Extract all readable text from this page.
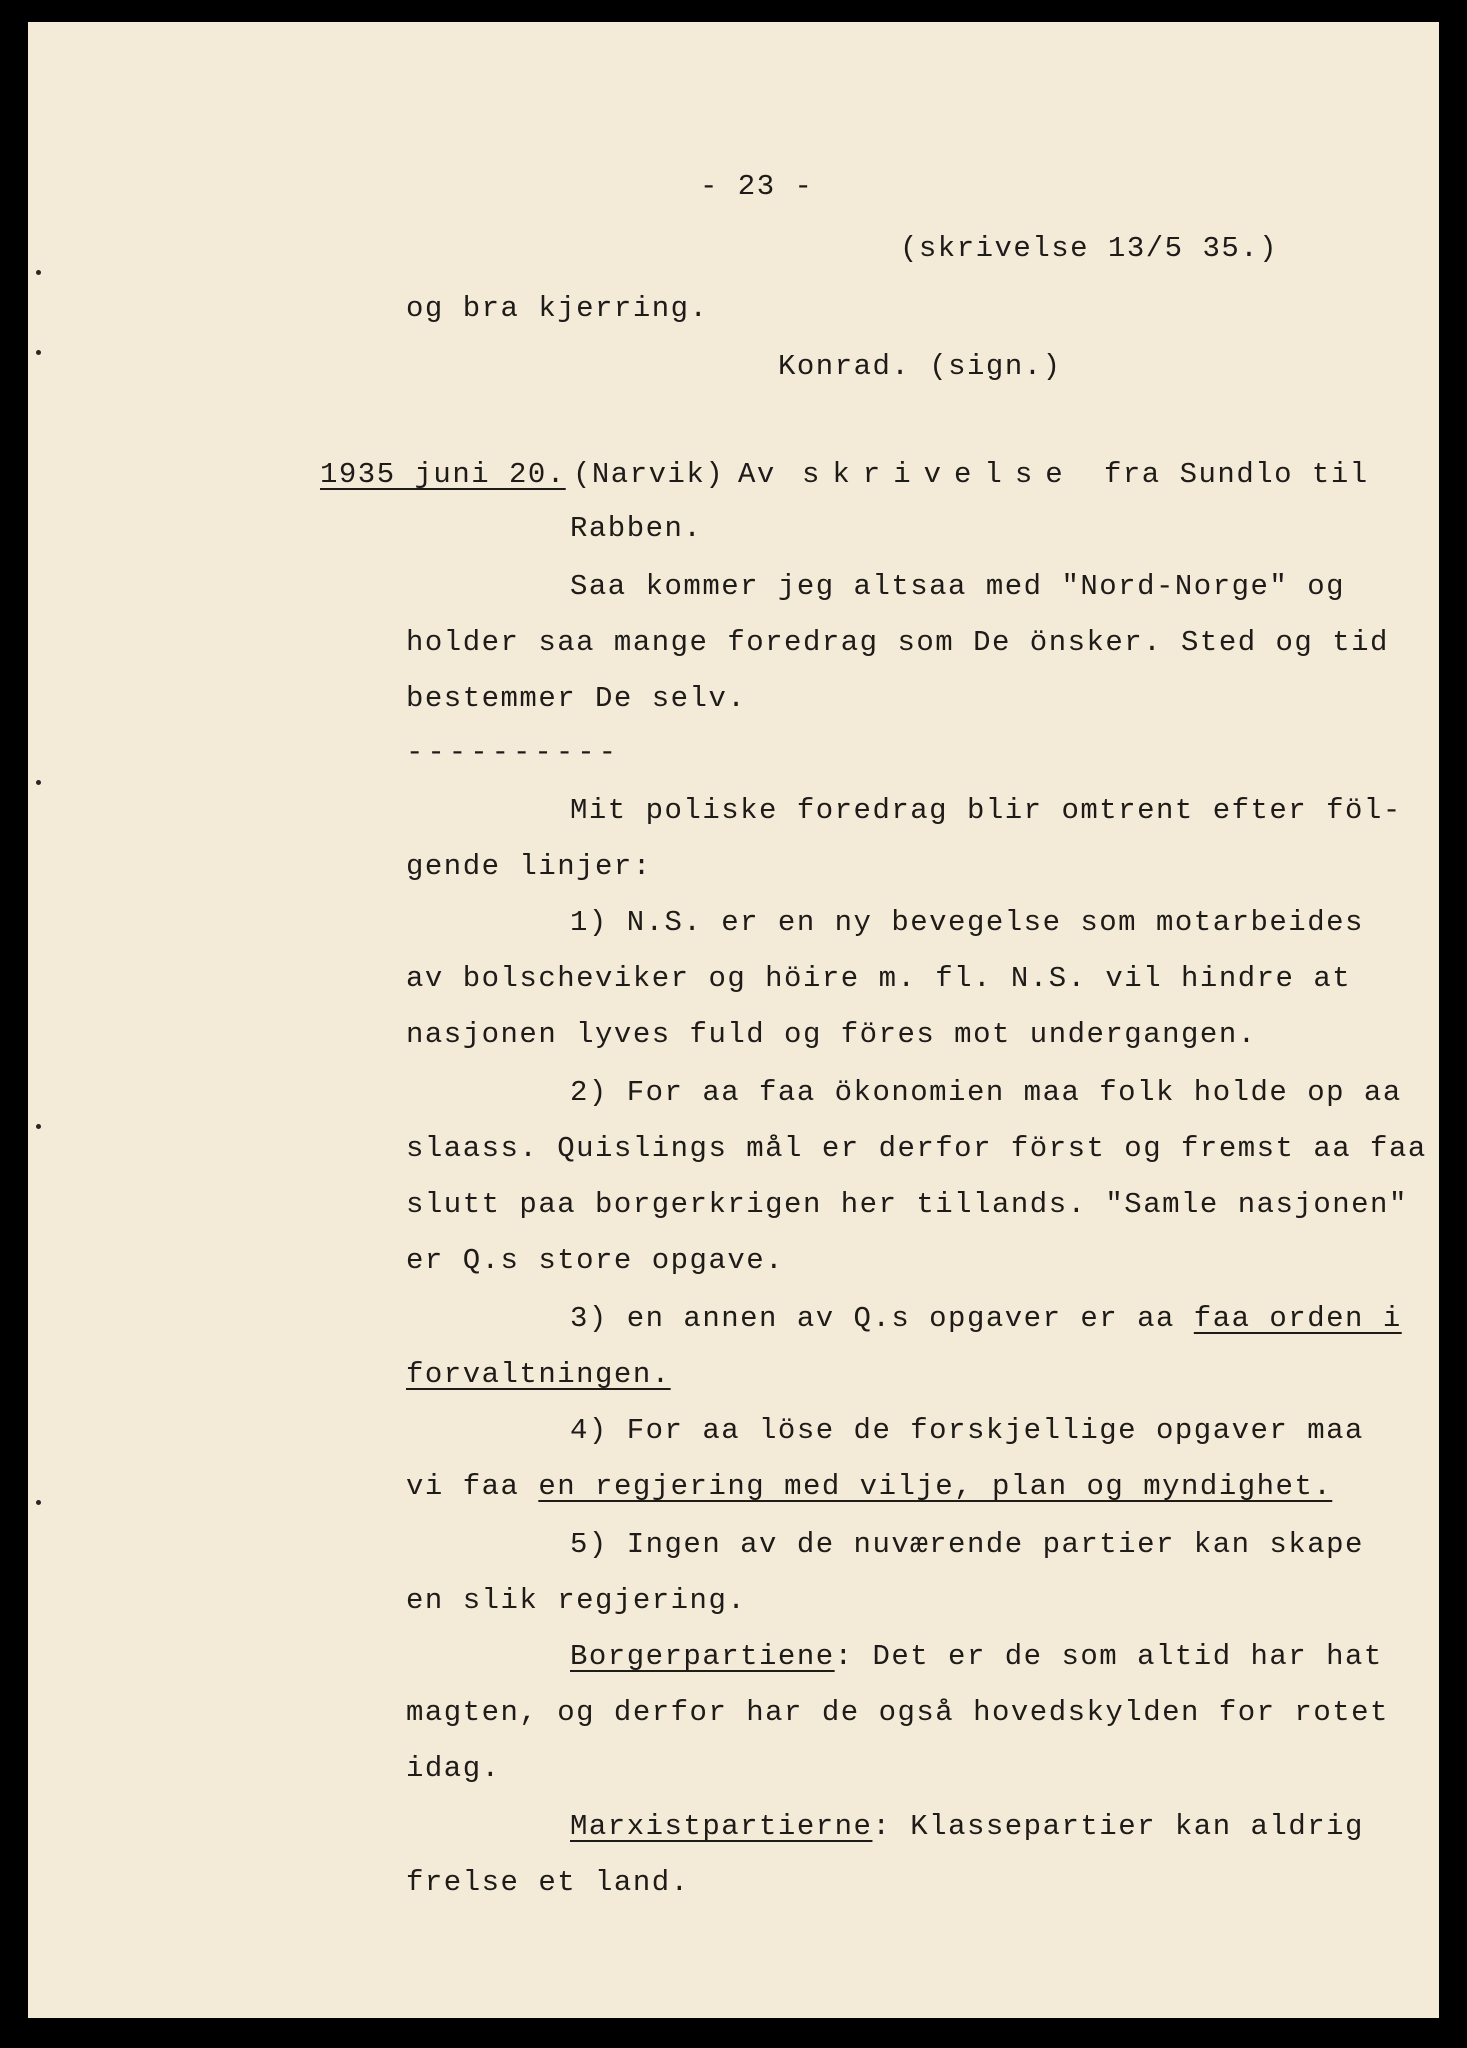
- 23 -
(skrivelse 13/5 35.)
og bra kjerring.
Konrad. (sign.)
1935 juni 20. (Narvik) Av skrivelse fra Sundlo til
Rabben.
Saa kommer jeg altsaa med "Nord-Norge" og
holder saa mange foredrag som De önsker. Sted og tid
bestemmer De selv.
----------
Mit poliske foredrag blir omtrent efter föl-
gende linjer:
1) N.S. er en ny bevegelse som motarbeides
av bolscheviker og höire m. fl. N.S. vil hindre at
nasjonen lyves fuld og föres mot undergangen.
2) For aa faa ökonomien maa folk holde op aa
slaass. Quislings mål er derfor först og fremst aa faa
slutt paa borgerkrigen her tillands. "Samle nasjonen"
er Q.s store opgave.
3) en annen av Q.s opgaver er aa faa orden i
forvaltningen.
4) For aa löse de forskjellige opgaver maa
vi faa en regjering med vilje, plan og myndighet.
5) Ingen av de nuværende partier kan skape
en slik regjering.
Borgerpartiene: Det er de som altid har hat
magten, og derfor har de også hovedskylden for rotet
idag.
Marxistpartierne: Klassepartier kan aldrig
frelse et land.
